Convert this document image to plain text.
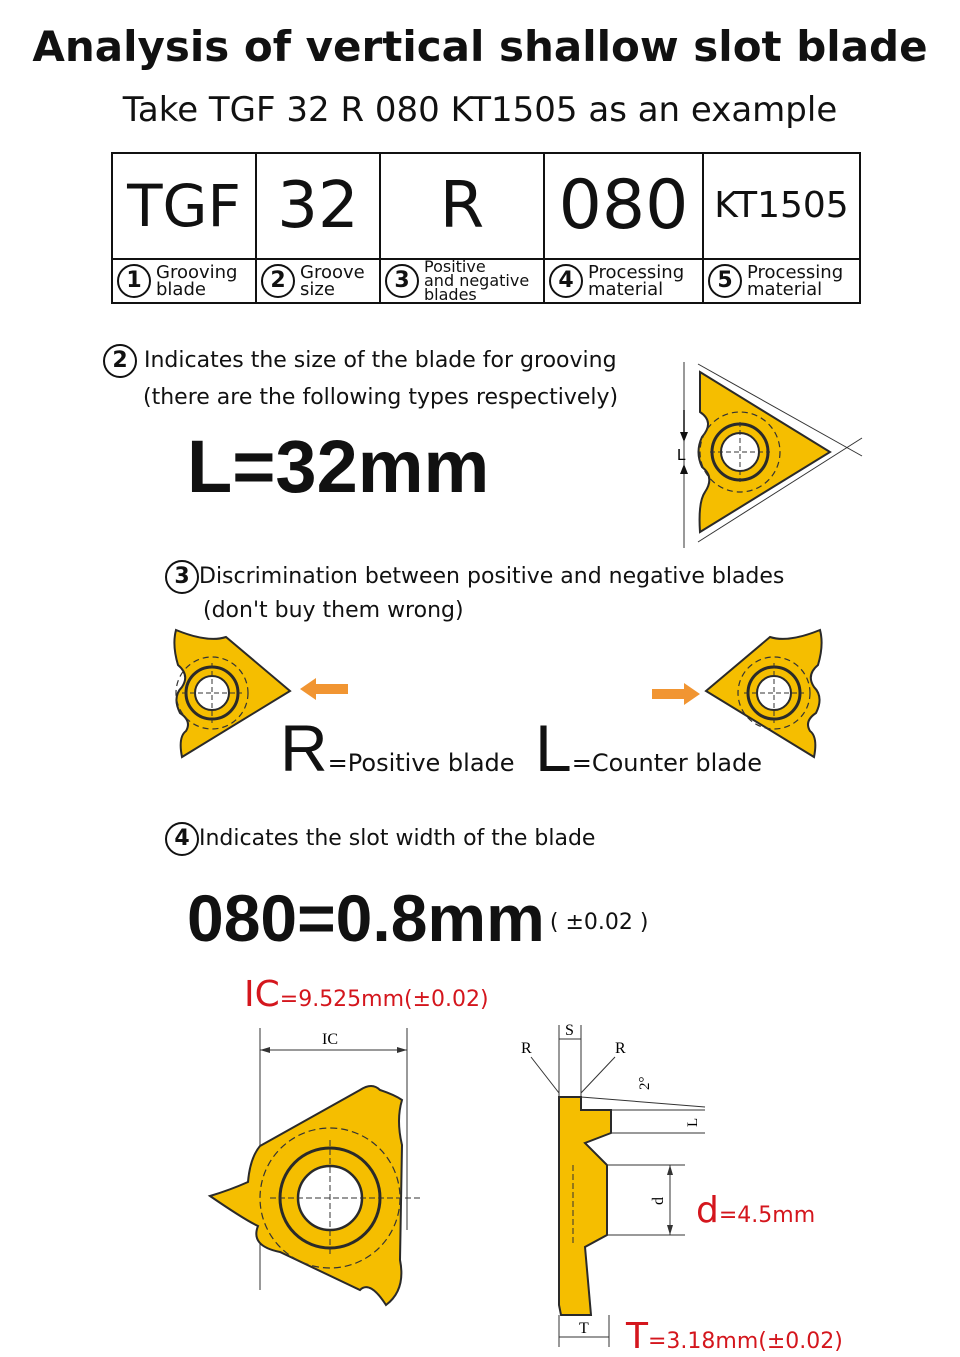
Analysis of vertical shallow slot blade
Take TGF 32 R 080 KT1505 as an example
TGF	32	R	080	KT1505

1 Grooving
blade	2 Groove
size	3
Positive
and negative
blades	4 Processing
material	5 Processing
material
2 Indicates the size of the blade for grooving
(there are the following types respectively)
L=32mm	L
3 Discrimination between positive and negative blades
(don't buy them wrong)
R=Positive blade L=Counter blade
4 Indicates the slot width of the blade
080=0.8mm ( ±0.02 )
IC=9.525mm(±0.02)
d=4.5mm
T=3.18mm(±0.02)
IC
S
R	R
2°
L
d
T
